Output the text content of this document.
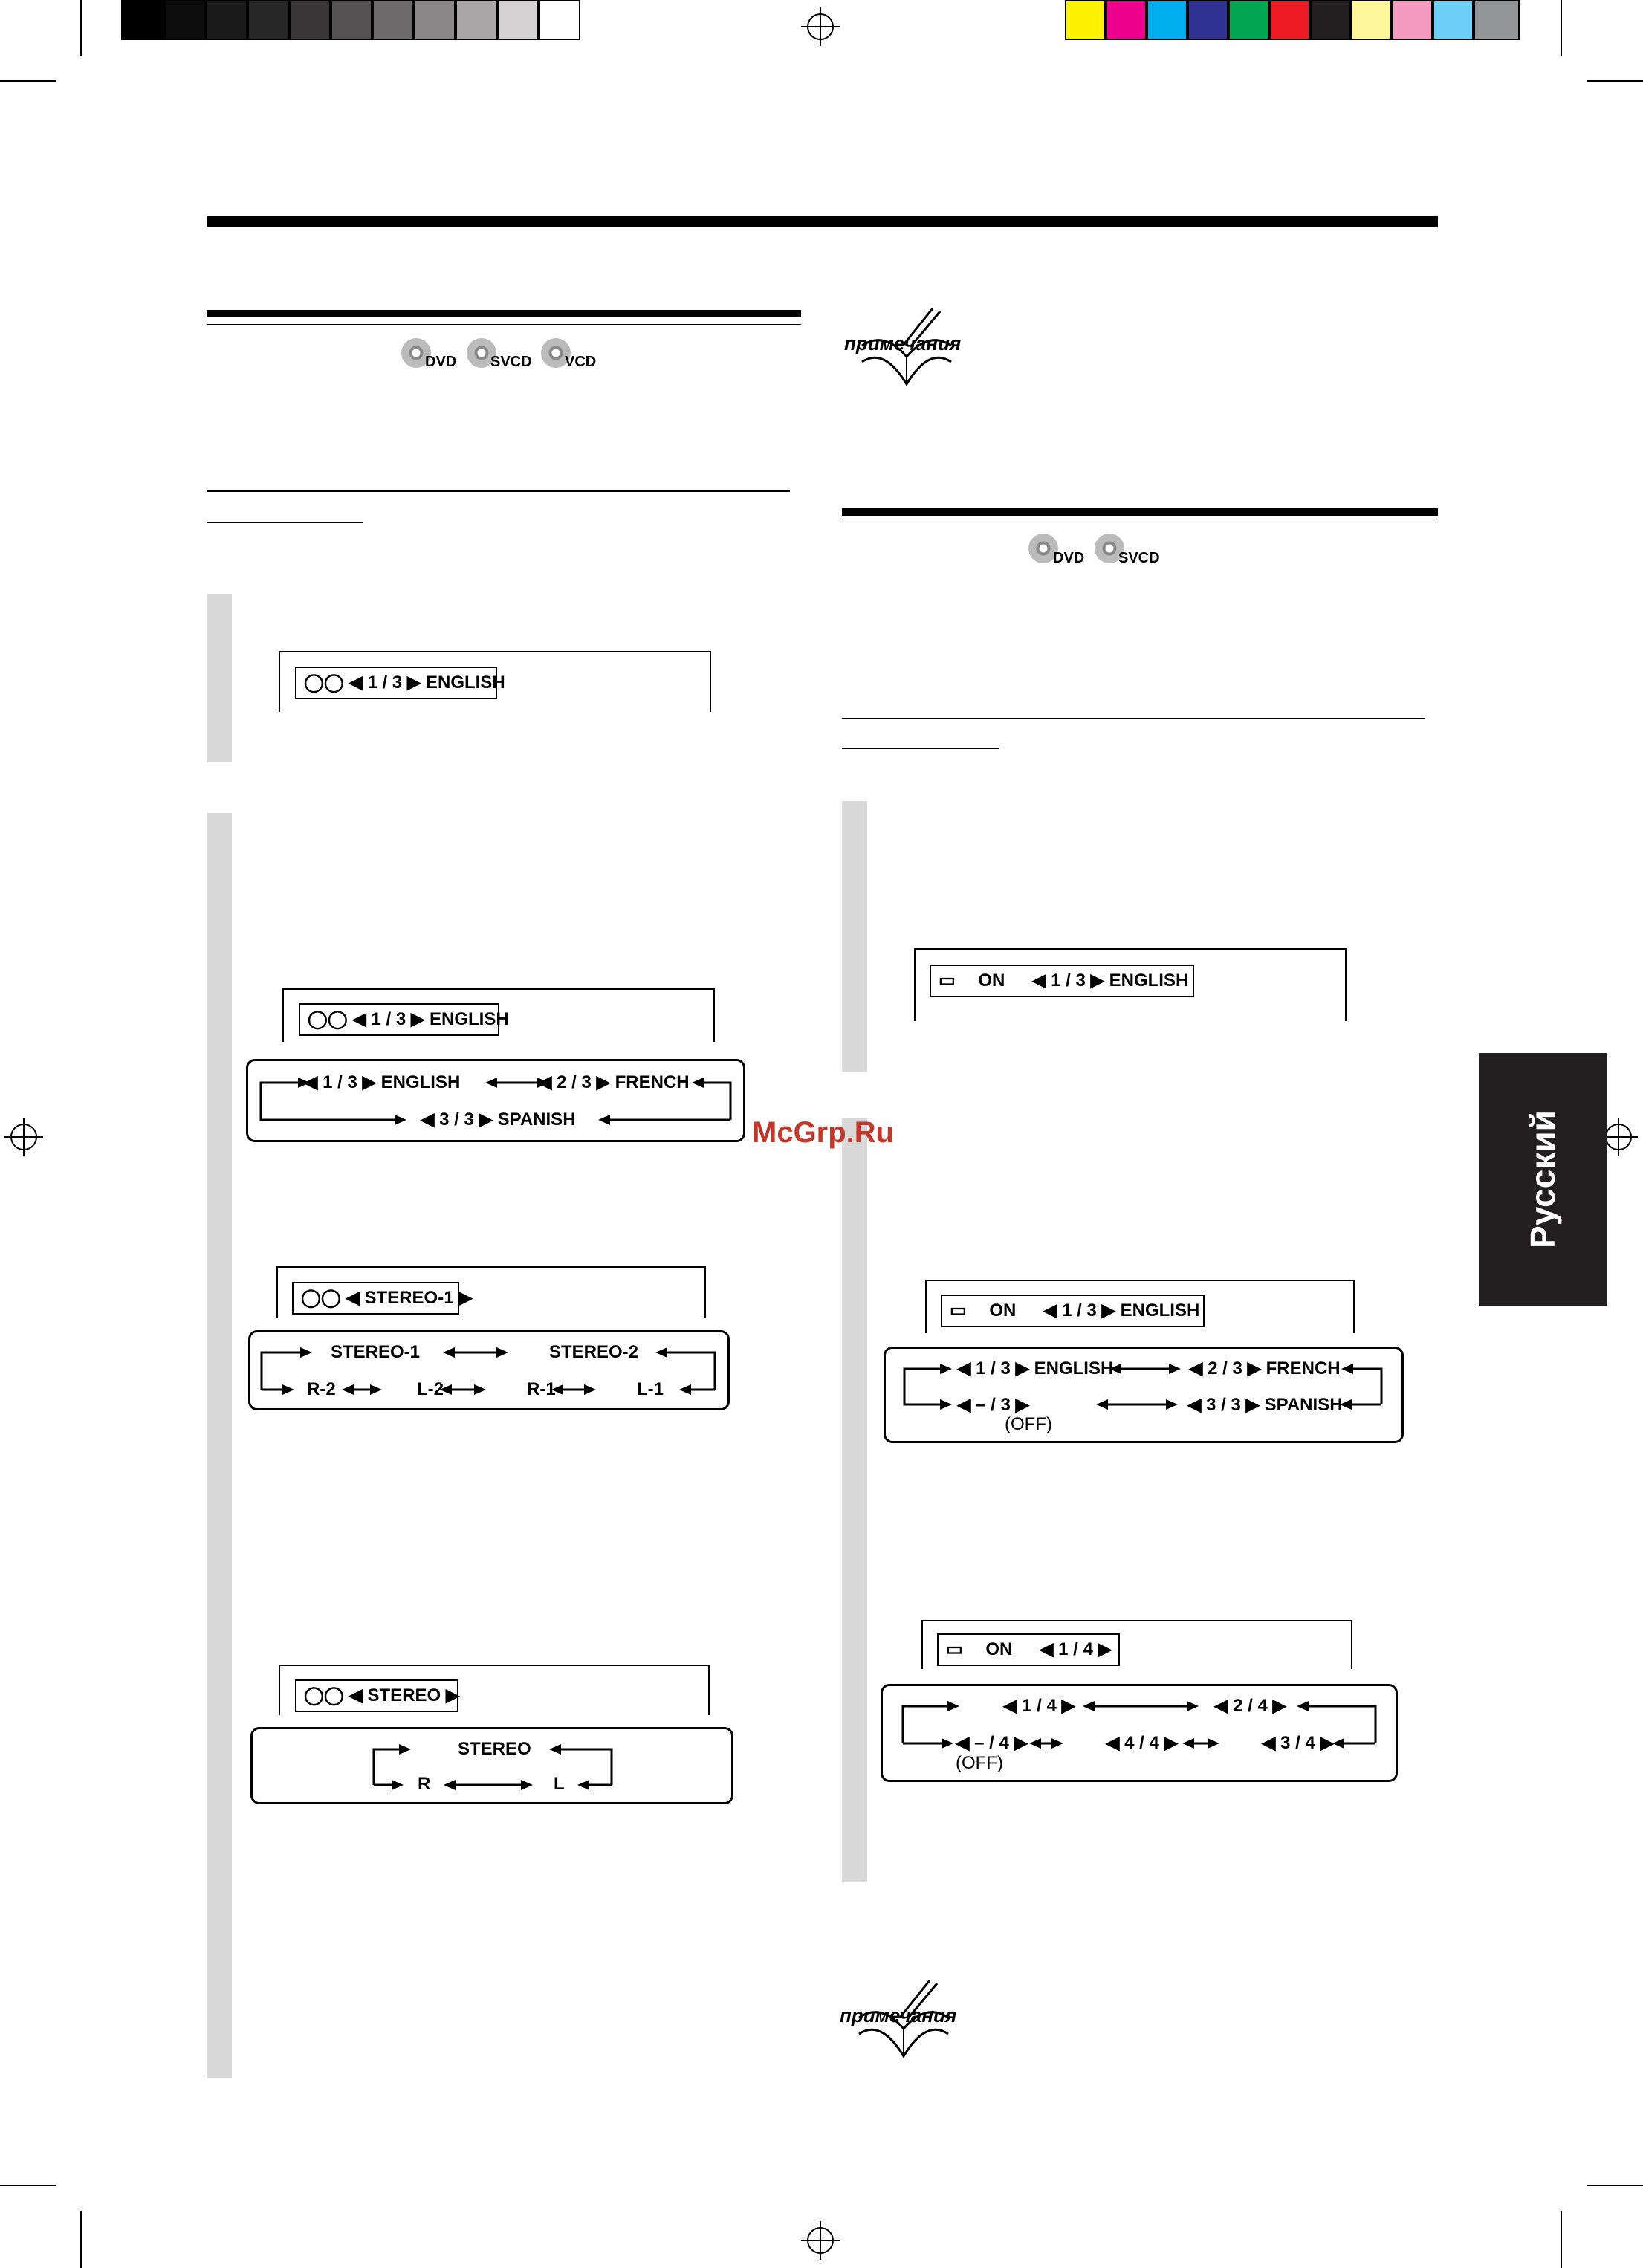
DVD SVCD VCD
◯◯ ◀ 1 / 3 ▶ ENGLISH
◯◯ ◀ 1 / 3 ▶ ENGLISH
◀ 1 / 3 ▶ ENGLISH	◀ 2 / 3 ▶ FRENCH
◀ 3 / 3 ▶ SPANISH
◯◯ ◀ STEREO-1 ▶
STEREO-1	STEREO-2
R-2	L-2	R-1	L-1
◯◯ ◀ STEREO ▶
STEREO
R	L
примечания
DVD SVCD
▭ ON ◀ 1 / 3 ▶ ENGLISH
▭ ON ◀ 1 / 3 ▶ ENGLISH
◀ 1 / 3 ▶ ENGLISH	◀ 2 / 3 ▶ FRENCH
◀ – / 3 ▶
(OFF)
◀ 3 / 3 ▶ SPANISH
▭ ON ◀ 1 / 4 ▶
◀ 1 / 4 ▶	◀ 2 / 4 ▶
◀ – / 4 ▶
(OFF)
◀ 4 / 4 ▶	◀ 3 / 4 ▶
примечания
Русский
McGrp.Ru
